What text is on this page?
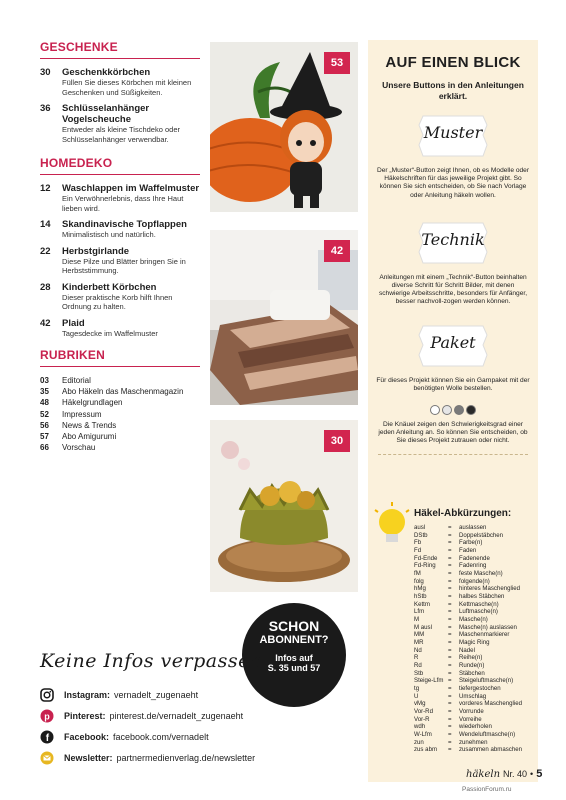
GESCHENKE
30	Geschenkkörbchen
Füllen Sie dieses Körbchen mit kleinen Geschenken und Süßigkeiten.
36	Schlüsselanhänger Vogelscheuche
Entweder als kleine Tischdeko oder Schlüsselanhänger verwendbar.
HOMEDEKO
12	Waschlappen im Waffelmuster
Ein Verwöhnerlebnis, dass Ihre Haut lieben wird.
14	Skandinavische Topflappen
Minimalistisch und natürlich.
22	Herbstgirlande
Diese Pilze und Blätter bringen Sie in Herbststimmung.
28	Kinderbett Körbchen
Dieser praktische Korb hilft Ihnen Ordnung zu halten.
42	Plaid
Tagesdecke im Waffelmuster
RUBRIKEN
03	Editorial
35	Abo Häkeln das Maschenmagazin
48	Häkelgrundlagen
52	Impressum
56	News & Trends
57	Abo Amigurumi
66	Vorschau
53
42
30
SCHON
ABONNENT?
Infos auf
S. 35 und 57
Keine Infos verpassen
Instagram: vernadelt_zugenaeht
p Pinterest: pinterest.de/vernadelt_zugenaeht
f Facebook: facebook.com/vernadelt
Newsletter: partnermedienverlag.de/newsletter
AUF EINEN BLICK
Unsere Buttons in den Anleitungen erklärt.
Muster
Der „Muster“-Button zeigt Ihnen, ob es Modelle oder Häkelschriften für das jeweilige Projekt gibt. So können Sie sich entscheiden, ob Sie nach Vorlage oder Anleitung häkeln wollen.
Technik
Anleitungen mit einem „Technik“-Button beinhalten diverse Schritt für Schritt Bilder, mit denen schwierige Arbeitsschritte, besonders für Anfänger, besser nachvoll-zogen werden können.
Paket
Für dieses Projekt können Sie ein Garnpaket mit der benötigten Wolle bestellen.
Die Knäuel zeigen den Schwierigkeitsgrad einer jeden Anleitung an. So können Sie entscheiden, ob Sie dieses Projekt zutrauen oder nicht.
Häkel-Abkürzungen:
ausl	=	auslassen
DStb	=	Doppelstäbchen
Fb	=	Farbe(n)
Fd	=	Faden
Fd-Ende	=	Fadenende
Fd-Ring	=	Fadenring
fM	=	feste Masche(n)
folg	=	folgende(n)
hMg	=	hinteres Maschenglied
hStb	=	halbes Stäbchen
Kettm	=	Kettmasche(n)
Lfm	=	Luftmasche(n)
M	=	Masche(n)
M ausl	=	Masche(n) auslassen
MM	=	Maschenmarkierer
MR	=	Magic Ring
Nd	=	Nadel
R	=	Reihe(n)
Rd	=	Runde(n)
Stb	=	Stäbchen
Steige-Lfm =	Steigeluftmasche(n)
tg	=	tiefergestochen
U	=	Umschlag
vMg	=	vorderes Maschenglied
Vor-Rd	=	Vorrunde
Vor-R	=	Vorreihe
wdh	=	wiederholen
W-Lfm	=	Wendeluftmasche(n)
zun	=	zunehmen
zus abm	=	zusammen abmaschen
häkeln Nr. 40 • 5
PassionForum.ru
